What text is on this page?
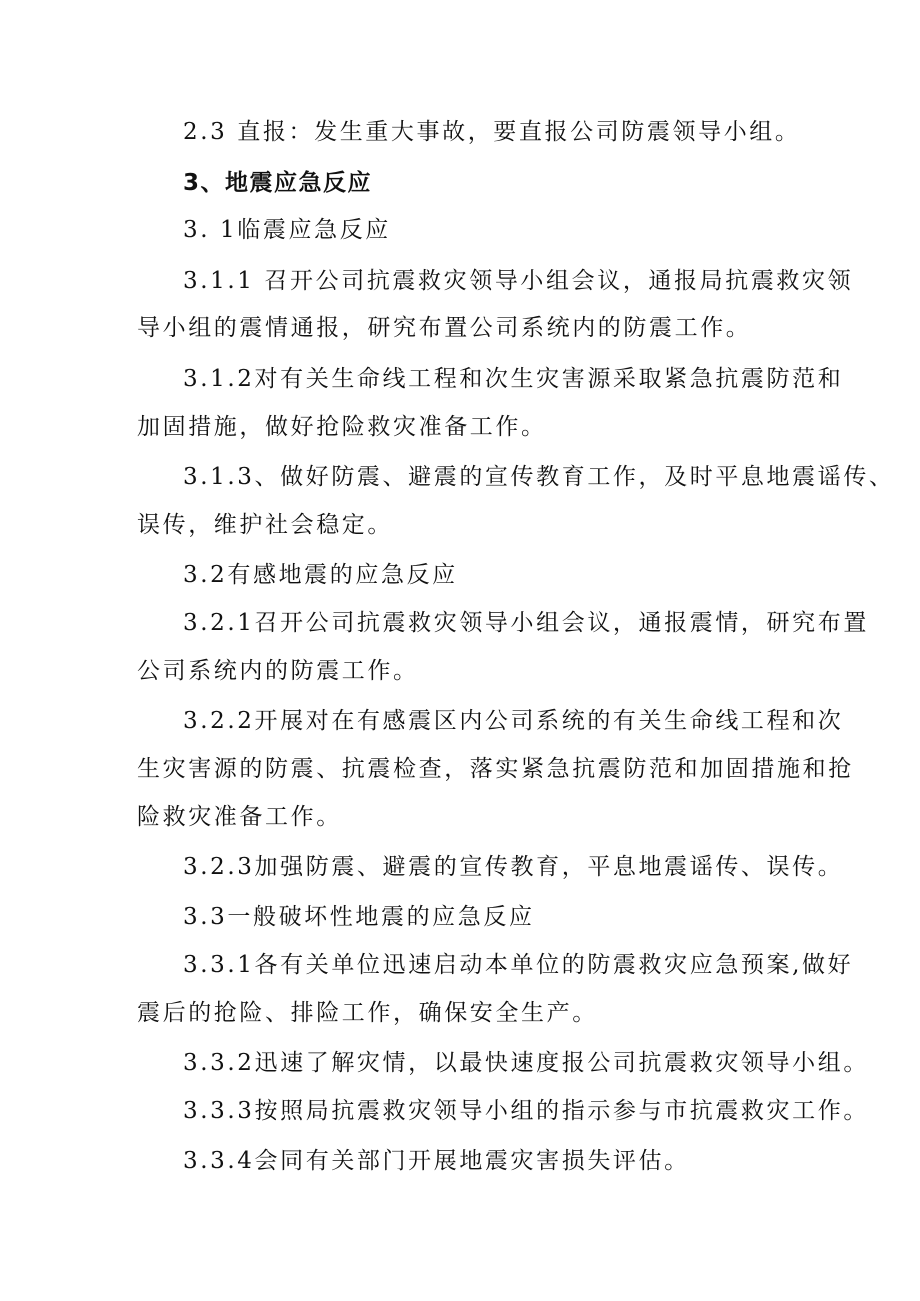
2.3 直报：发生重大事故，要直报公司防震领导小组。
3、地震应急反应
3. 1临震应急反应
3.1.1 召开公司抗震救灾领导小组会议，通报局抗震救灾领
导小组的震情通报，研究布置公司系统内的防震工作。
3.1.2对有关生命线工程和次生灾害源采取紧急抗震防范和
加固措施，做好抢险救灾准备工作。
3.1.3、做好防震、避震的宣传教育工作，及时平息地震谣传、
误传，维护社会稳定。
3.2有感地震的应急反应
3.2.1召开公司抗震救灾领导小组会议，通报震情，研究布置
公司系统内的防震工作。
3.2.2开展对在有感震区内公司系统的有关生命线工程和次
生灾害源的防震、抗震检查，落实紧急抗震防范和加固措施和抢
险救灾准备工作。
3.2.3加强防震、避震的宣传教育，平息地震谣传、误传。
3.3一般破坏性地震的应急反应
3.3.1各有关单位迅速启动本单位的防震救灾应急预案,做好
震后的抢险、排险工作，确保安全生产。
3.3.2迅速了解灾情，以最快速度报公司抗震救灾领导小组。
3.3.3按照局抗震救灾领导小组的指示参与市抗震救灾工作。
3.3.4会同有关部门开展地震灾害损失评估。
